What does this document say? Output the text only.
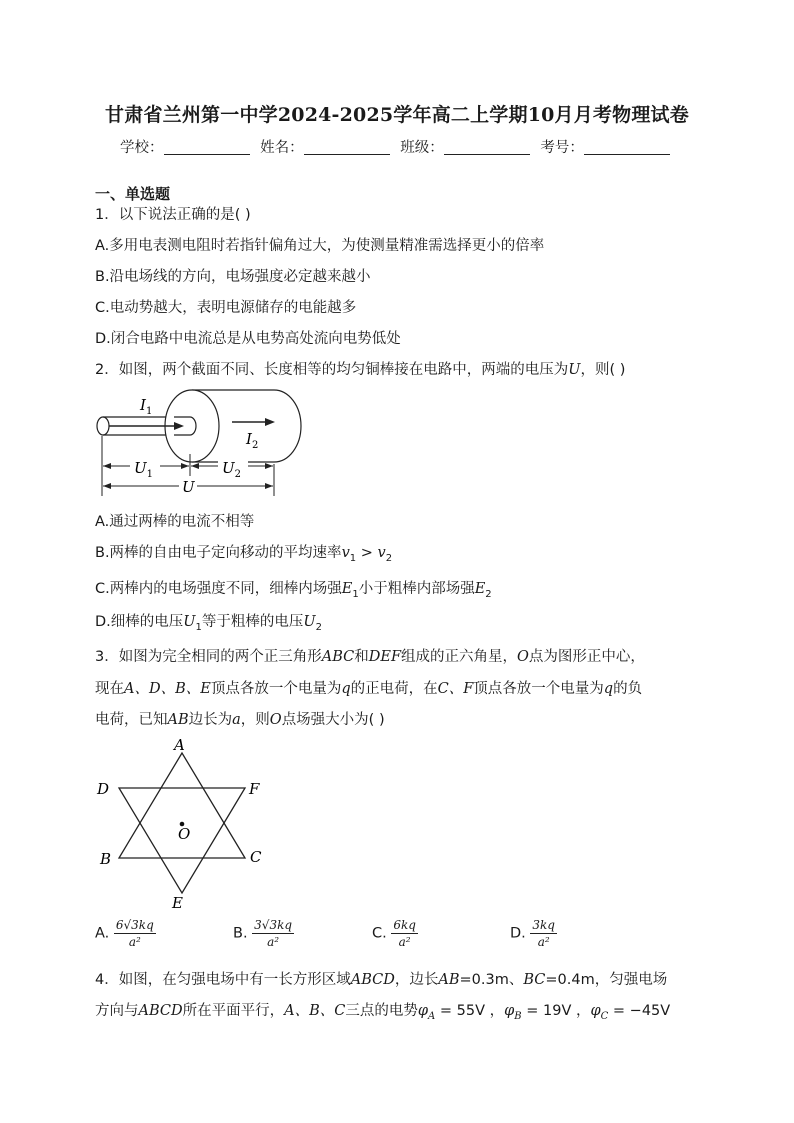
甘肃省兰州第一中学2024-2025学年高二上学期10月月考物理试卷
学校：	姓名：	班级：	考号：
一、单选题
1．以下说法正确的是( )
A.多用电表测电阻时若指针偏角过大，为使测量精准需选择更小的倍率
B.沿电场线的方向，电场强度必定越来越小
C.电动势越大，表明电源储存的电能越多
D.闭合电路中电流总是从电势高处流向电势低处
2．如图，两个截面不同、长度相等的均匀铜棒接在电路中，两端的电压为U，则( )
$I_1$
$I_2$
$U_1$	$U_2$
U
A.通过两棒的电流不相等
B.两棒的自由电子定向移动的平均速率$v_1 > v_2$
C.两棒内的电场强度不同，细棒内场强$E_1$小于粗棒内部场强$E_2$
D.细棒的电压$U_1$等于粗棒的电压$U_2$
3．如图为完全相同的两个正三角形ABC和DEF组成的正六角星，O点为图形正中心，
现在A、D、B、E顶点各放一个电量为q的正电荷，在C、F顶点各放一个电量为q的负
电荷，已知AB边长为a，则O点场强大小为( )
A
D	F
B	C
E
O
A. $\frac{6√3kq}{\text{a²}}$	B. $\frac{3√3kq}{\text{a²}}$	C. $\frac{6kq}{\text{a²}}$	D. $\frac{3kq}{\text{a²}}$
4．如图，在匀强电场中有一长方形区域ABCD，边长AB=0.3m、BC=0.4m，匀强电场
方向与ABCD所在平面平行，A、B、C三点的电势$\varphi_A = 55V$ ，$\varphi_B = 19V$ ，$\varphi_C = -45V$
